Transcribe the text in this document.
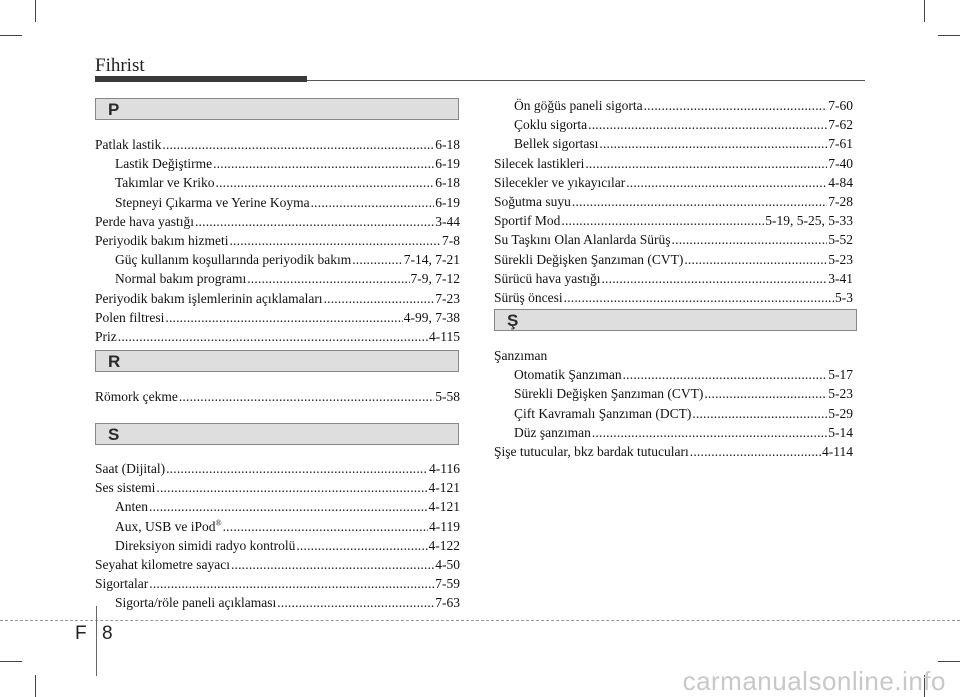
Fihrist
P
Patlak lastik .....	6-18
Lastik Değiştirme .....	6-19
Takımlar ve Kriko .....	6-18
Stepneyi Çıkarma ve Yerine Koyma .....	6-19
Perde hava yastığı .....	3-44
Periyodik bakım hizmeti .....	7-8
Güç kullanım koşullarında periyodik bakım .....	7-14, 7-21
Normal bakım programı .....	7-9, 7-12
Periyodik bakım işlemlerinin açıklamaları .....	7-23
Polen filtresi .....	4-99, 7-38
Priz .....	4-115
R
Römork çekme .....	5-58
S
Saat (Dijital) .....	4-116
Ses sistemi .....	4-121
Anten .....	4-121
Aux, USB ve iPod® .....	4-119
Direksiyon simidi radyo kontrolü .....	4-122
Seyahat kilometre sayacı .....	4-50
Sigortalar .....	7-59
Sigorta/röle paneli açıklaması .....	7-63
Ön göğüs paneli sigorta .....	7-60
Çoklu sigorta .....	7-62
Bellek sigortası .....	7-61
Silecek lastikleri .....	7-40
Silecekler ve yıkayıcılar .....	4-84
Soğutma suyu .....	7-28
Sportif Mod .....	5-19, 5-25, 5-33
Su Taşkını Olan Alanlarda Sürüş .....	5-52
Sürekli Değişken Şanzıman (CVT) .....	5-23
Sürücü hava yastığı .....	3-41
Sürüş öncesi .....	5-3
Ş
Şanzıman
Otomatik Şanzıman .....	5-17
Sürekli Değişken Şanzıman (CVT) .....	5-23
Çift Kavramalı Şanzıman (DCT) .....	5-29
Düz şanzıman .....	5-14
Şişe tutucular, bkz bardak tutucuları .....	4-114
F 8
carmanualsonline.info
